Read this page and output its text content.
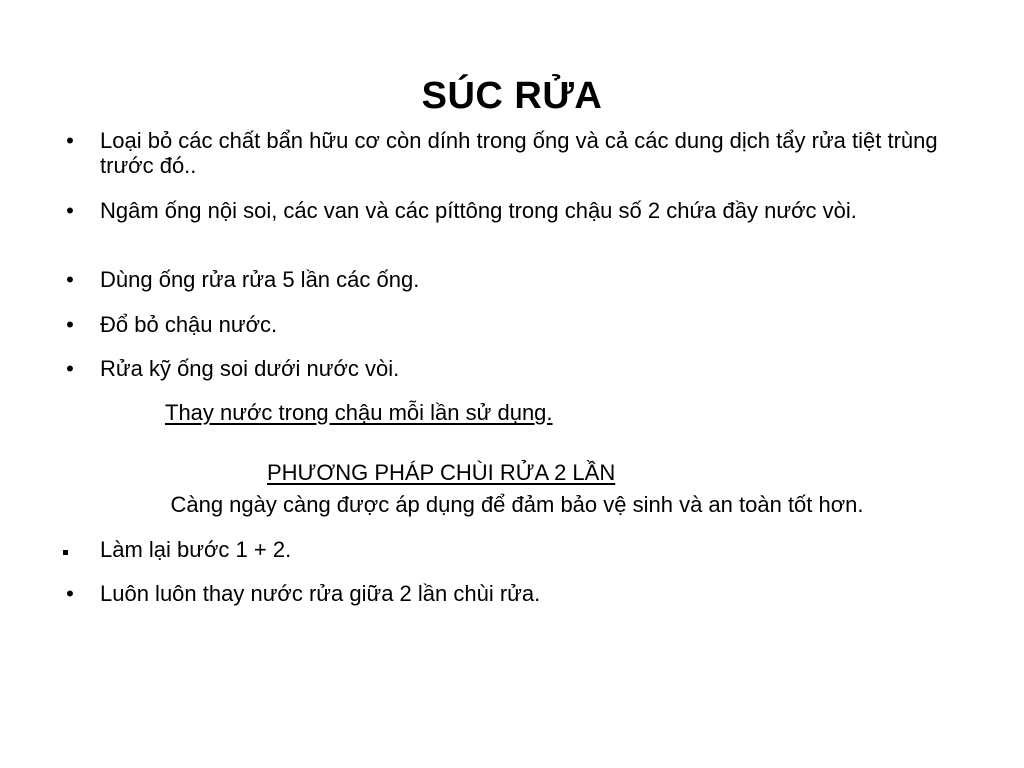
SÚC RỬA
• Loại bỏ các chất bẩn hữu cơ còn dính trong ống và cả các dung dịch tẩy rửa tiệt trùng trước đó..
• Ngâm ống nội soi, các van và các píttông trong chậu số 2 chứa đầy nước vòi.
• Dùng ống rửa rửa 5 lần các ống.
• Đổ bỏ chậu nước.
• Rửa kỹ ống soi dưới nước vòi.
Thay nước trong chậu mỗi lần sử dụng.
PHƯƠNG PHÁP CHÙI RỬA 2 LẦN
Càng ngày càng được áp dụng để đảm bảo vệ sinh và an toàn tốt hơn.
Làm lại bước 1 + 2.
• Luôn luôn thay nước rửa giữa 2 lần chùi rửa.
